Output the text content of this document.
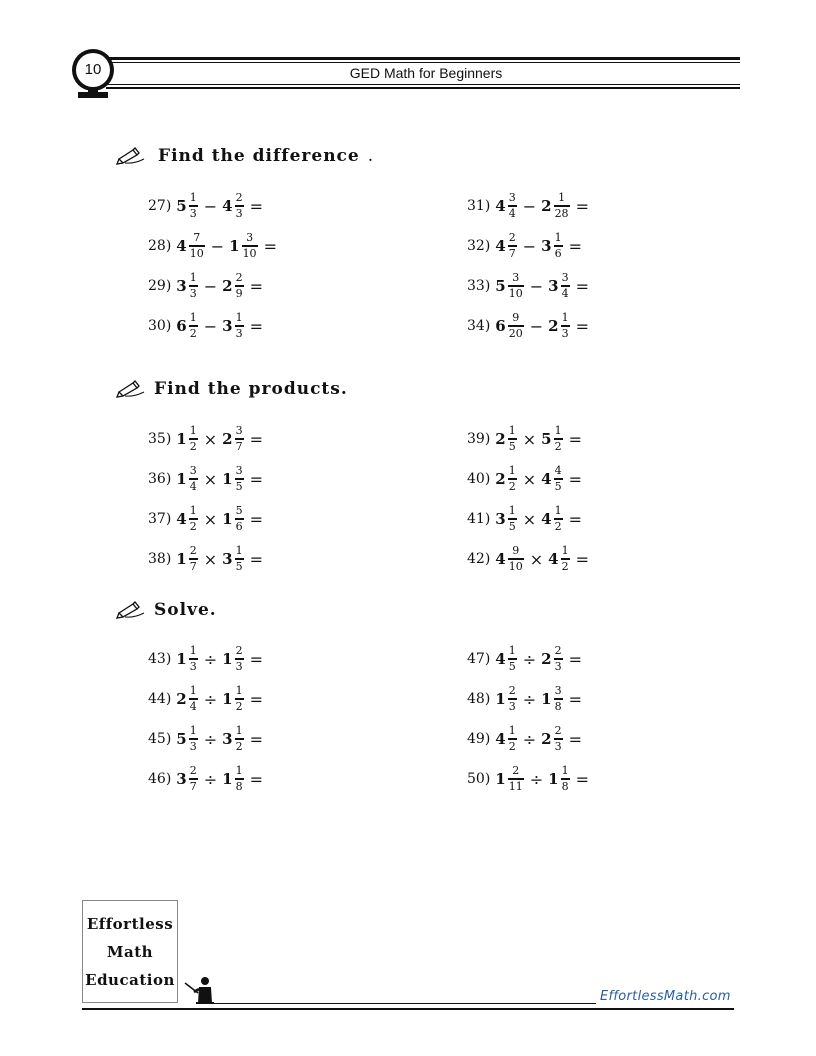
10	GED Math for Beginners
Find the difference .
Find the products.
Solve.
27) $5 \frac{1}{3} - 4 \frac{2}{3}$ =
28) $4 \frac{7}{10} - 1 \frac{3}{10}$ =
29) $3 \frac{1}{3} - 2 \frac{2}{9}$ =
30) $6 \frac{1}{2} - 3 \frac{1}{3}$ =
31) $4 \frac{3}{4} - 2 \frac{1}{28}$ =
32) $4 \frac{2}{7} - 3 \frac{1}{6}$ =
33) $5 \frac{3}{10} - 3 \frac{3}{4}$ =
34) $6 \frac{9}{20} - 2 \frac{1}{3}$ =
35) $1 \frac{1}{2} \times 2 \frac{3}{7}$ =
36) $1 \frac{3}{4} \times 1 \frac{3}{5}$ =
37) $4 \frac{1}{2} \times 1 \frac{5}{6}$ =
38) $1 \frac{2}{7} \times 3 \frac{1}{5}$ =
39) $2 \frac{1}{5} \times 5 \frac{1}{2}$ =
40) $2 \frac{1}{2} \times 4 \frac{4}{5}$ =
41) $3 \frac{1}{5} \times 4 \frac{1}{2}$ =
42) $4 \frac{9}{10} \times 4 \frac{1}{2}$ =
43) $1 \frac{1}{3} \div 1 \frac{2}{3}$ =
44) $2 \frac{1}{4} \div 1 \frac{1}{2}$ =
45) $5 \frac{1}{3} \div 3 \frac{1}{2}$ =
46) $3 \frac{2}{7} \div 1 \frac{1}{8}$ =
47) $4 \frac{1}{5} \div 2 \frac{2}{3}$ =
48) $1 \frac{2}{3} \div 1 \frac{3}{8}$ =
49) $4 \frac{1}{2} \div 2 \frac{2}{3}$ =
50) $1 \frac{2}{11} \div 1 \frac{1}{8}$ =
Effortless
Math
Education
EffortlessMath.com
